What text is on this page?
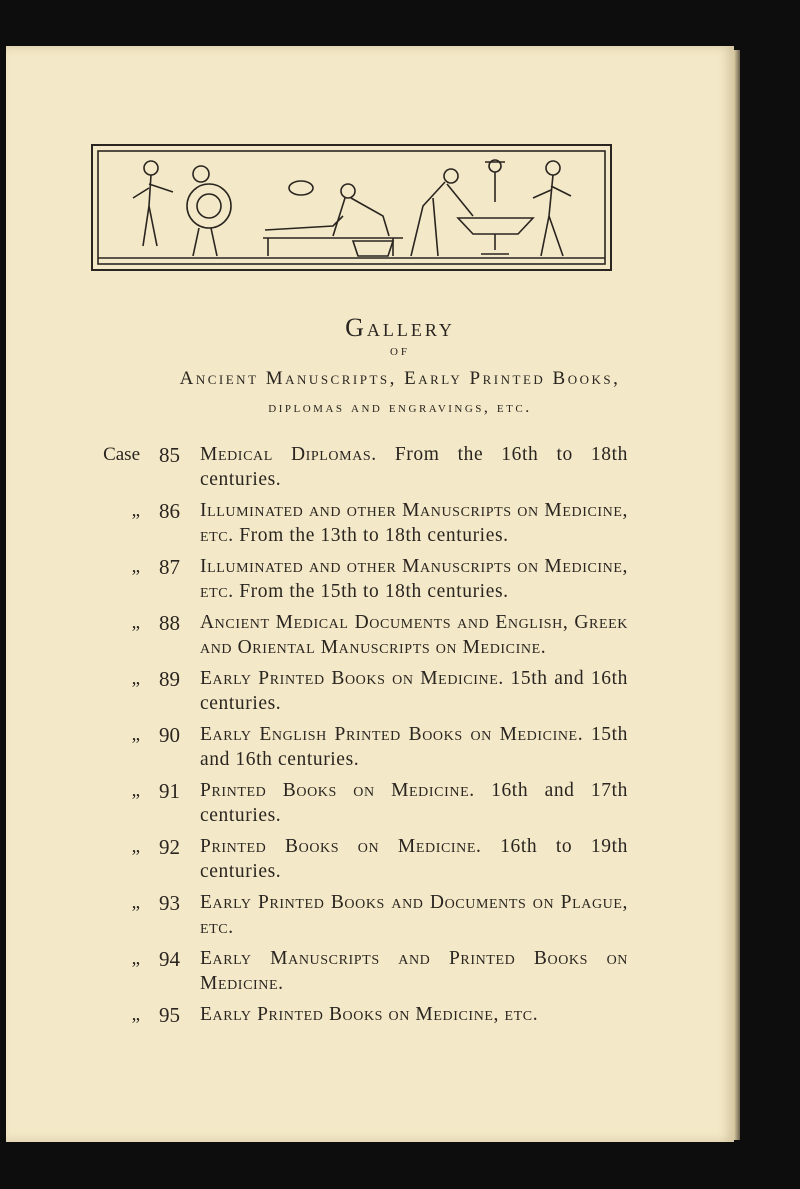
Gallery
OF
Ancient Manuscripts, Early Printed Books,
diplomas and engravings, etc.
Case 85 Medical Diplomas. From the 16th to 18th centuries.
„ 86 Illuminated and other Manuscripts on Medicine, etc. From the 13th to 18th centuries.
„ 87 Illuminated and other Manuscripts on Medicine, etc. From the 15th to 18th centuries.
„ 88 Ancient Medical Documents and English, Greek and Oriental Manuscripts on Medicine.
„ 89 Early Printed Books on Medicine. 15th and 16th centuries.
„ 90 Early English Printed Books on Medicine. 15th and 16th centuries.
„ 91 Printed Books on Medicine. 16th and 17th centuries.
„ 92 Printed Books on Medicine. 16th to 19th centuries.
„ 93 Early Printed Books and Documents on Plague, etc.
„ 94 Early Manuscripts and Printed Books on Medicine.
„ 95 Early Printed Books on Medicine, etc.
